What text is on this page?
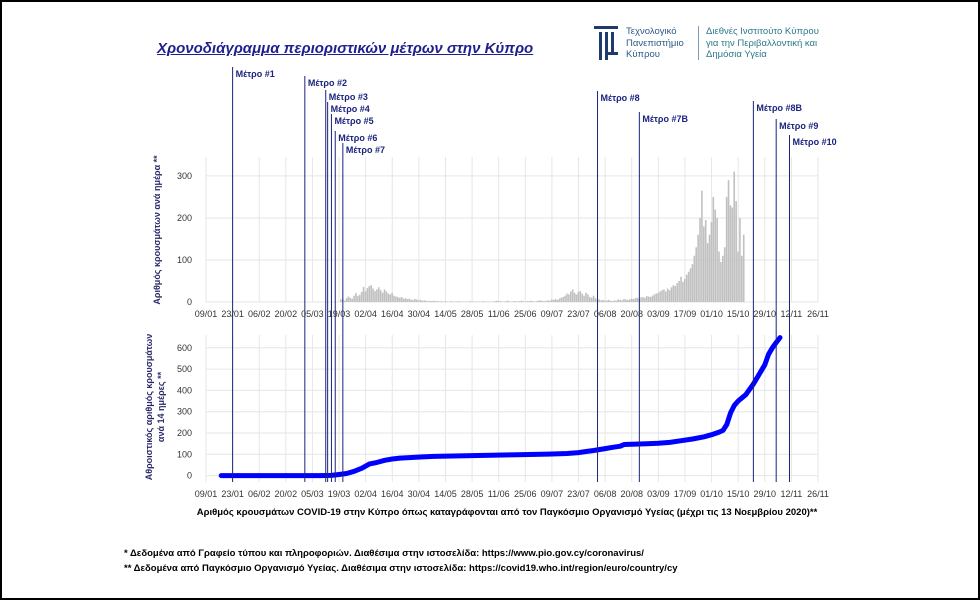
Χρονοδιάγραμμα περιοριστικών μέτρων στην Κύπρο
Τεχνολογικό
Πανεπιστήμιο
Κύπρου
Διεθνές Ινστιτούτο Κύπρου
για την Περιβαλλοντική και
Δημόσια Υγεία
Μέτρο #1
Μέτρο #2
Μέτρο #3
Μέτρο #4
Μέτρο #5
Μέτρο #6
Μέτρο #7
Μέτρο #8
Μέτρο #7Β
Μέτρο #8Β
Μέτρο #9
Μέτρο #10
09/01 23/01 06/02 20/02 05/03 19/03 02/04 16/04 30/04 14/05 28/05 11/06 25/06 09/07 23/07 06/08 20/08 03/09 17/09 01/10 15/10 29/10 12/11 26/11
0
100
200
300
09/01 23/01 06/02 20/02 05/03 19/03 02/04 16/04 30/04 14/05 28/05 11/06 25/06 09/07 23/07 06/08 20/08 03/09 17/09 01/10 15/10 29/10 12/11 26/11
0
100
200
300
400
500
600
Αριθμός κρουσμάτων ανά ημέρα **
Αθροιστικός αριθμός κρουσμάτων ανά 14 ημέρες **
Αριθμός κρουσμάτων COVID-19 στην Κύπρο όπως καταγράφονται από τον Παγκόσμιο Οργανισμό Υγείας (μέχρι τις 13 Νοεμβρίου 2020)**
* Δεδομένα από Γραφείο τύπου και πληροφοριών. Διαθέσιμα στην ιστοσελίδα: https://www.pio.gov.cy/coronavirus/
** Δεδομένα από Παγκόσμιο Οργανισμό Υγείας. Διαθέσιμα στην ιστοσελίδα: https://covid19.who.int/region/euro/country/cy
